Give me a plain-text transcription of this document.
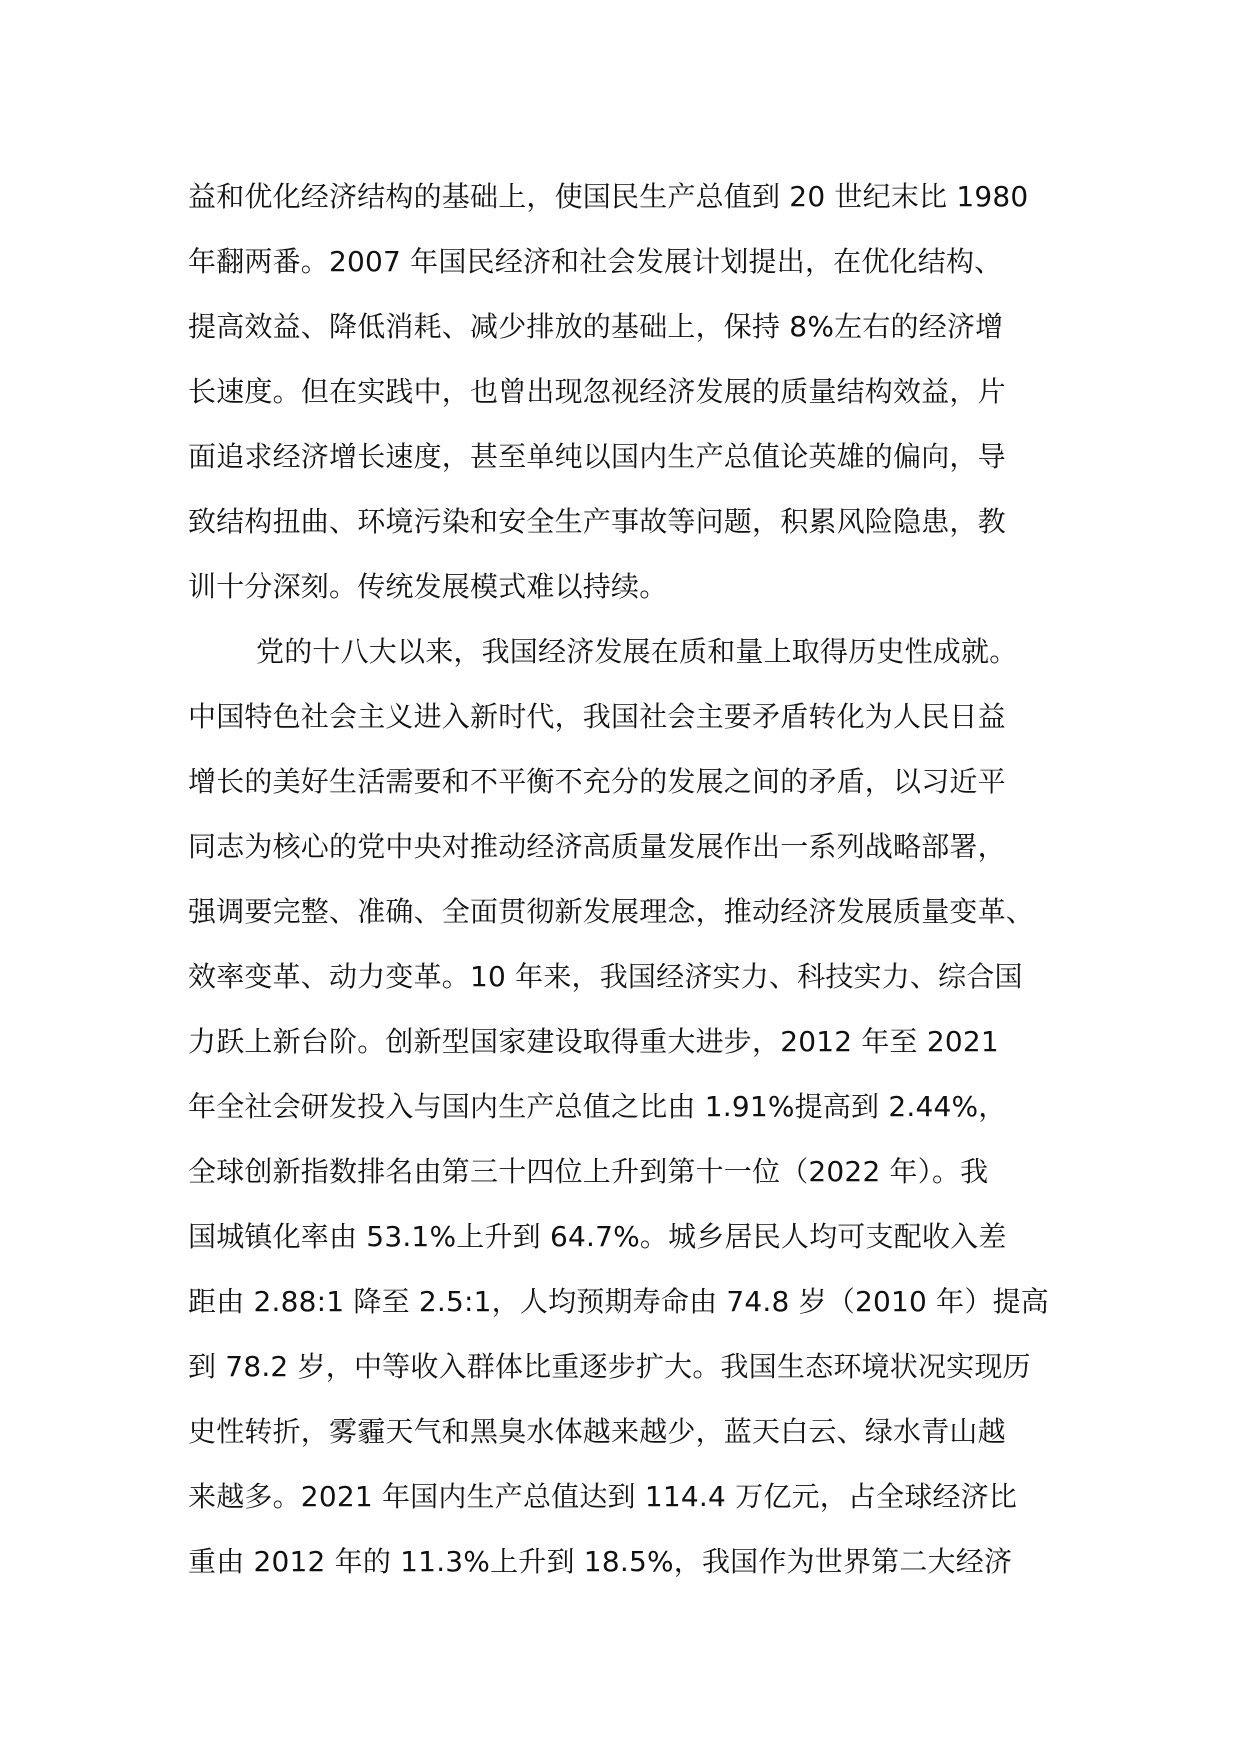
益和优化经济结构的基础上，使国民生产总值到 20 世纪末比 1980
年翻两番。2007 年国民经济和社会发展计划提出，在优化结构、
提高效益、降低消耗、减少排放的基础上，保持 8%左右的经济增
长速度。但在实践中，也曾出现忽视经济发展的质量结构效益，片
面追求经济增长速度，甚至单纯以国内生产总值论英雄的偏向，导
致结构扭曲、环境污染和安全生产事故等问题，积累风险隐患，教
训十分深刻。传统发展模式难以持续。
党的十八大以来，我国经济发展在质和量上取得历史性成就。
中国特色社会主义进入新时代，我国社会主要矛盾转化为人民日益
增长的美好生活需要和不平衡不充分的发展之间的矛盾，以习近平
同志为核心的党中央对推动经济高质量发展作出一系列战略部署，
强调要完整、准确、全面贯彻新发展理念，推动经济发展质量变革、
效率变革、动力变革。10 年来，我国经济实力、科技实力、综合国
力跃上新台阶。创新型国家建设取得重大进步，2012 年至 2021
年全社会研发投入与国内生产总值之比由 1.91%提高到 2.44%，
全球创新指数排名由第三十四位上升到第十一位（2022 年）。我
国城镇化率由 53.1%上升到 64.7%。城乡居民人均可支配收入差
距由 2.88:1 降至 2.5:1，人均预期寿命由 74.8 岁（2010 年）提高
到 78.2 岁，中等收入群体比重逐步扩大。我国生态环境状况实现历
史性转折，雾霾天气和黑臭水体越来越少，蓝天白云、绿水青山越
来越多。2021 年国内生产总值达到 114.4 万亿元，占全球经济比
重由 2012 年的 11.3%上升到 18.5%，我国作为世界第二大经济
